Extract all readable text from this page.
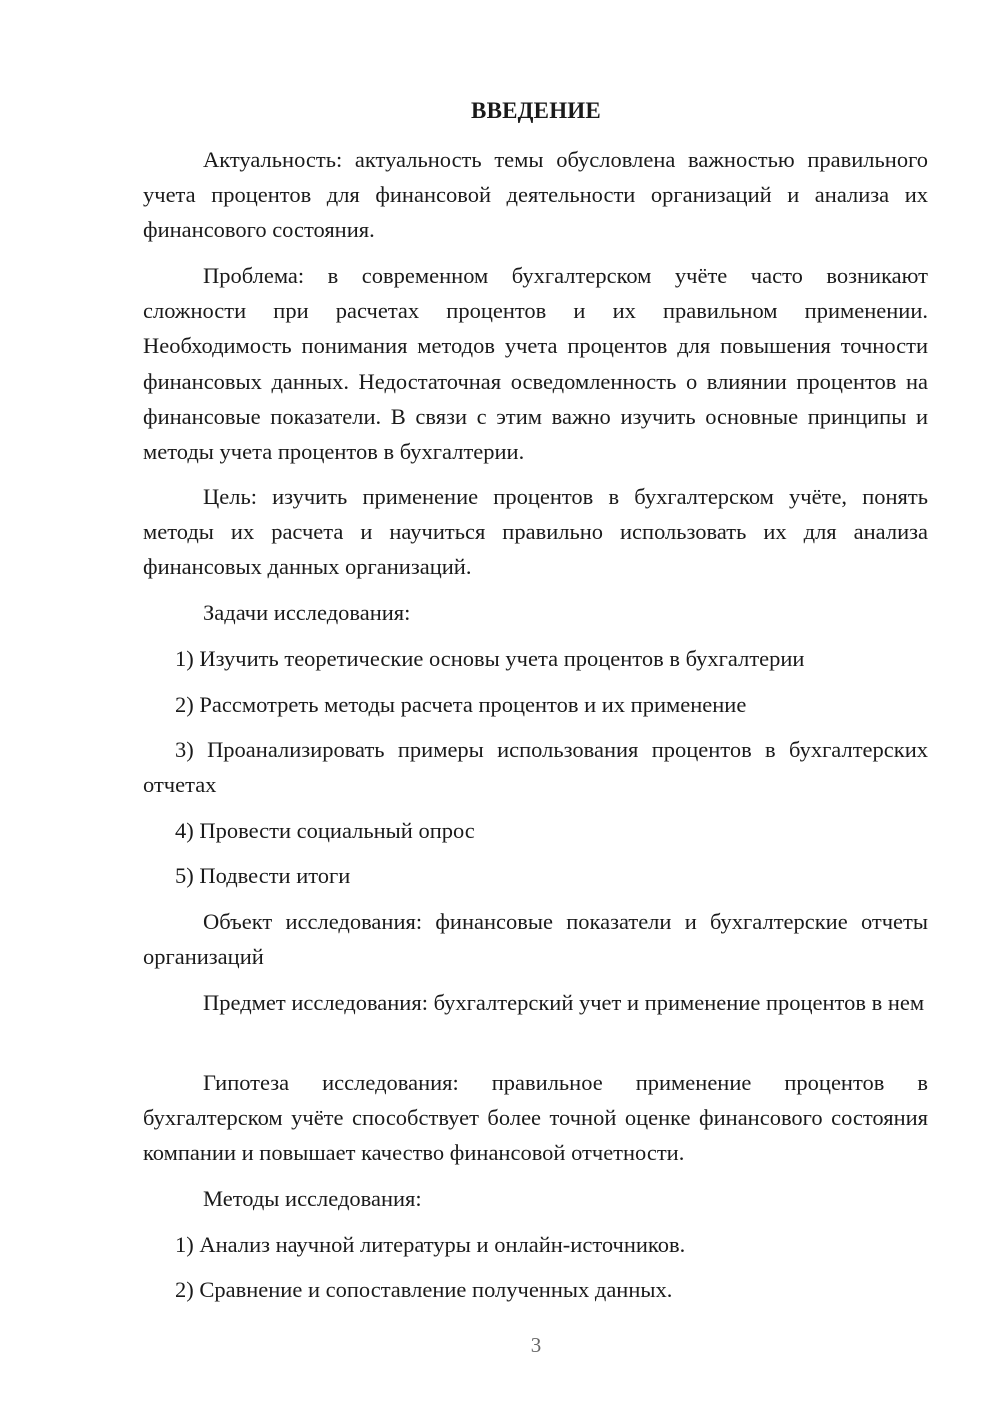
ВВЕДЕНИЕ

Актуальность: актуальность темы обусловлена важностью правильного учета процентов для финансовой деятельности организаций и анализа их финансового состояния.

Проблема: в современном бухгалтерском учёте часто возникают сложности при расчетах процентов и их правильном применении. Необходимость понимания методов учета процентов для повышения точности финансовых данных. Недостаточная осведомленность о влиянии процентов на финансовые показатели. В связи с этим важно изучить основные принципы и методы учета процентов в бухгалтерии.

Цель: изучить применение процентов в бухгалтерском учёте, понять методы их расчета и научиться правильно использовать их для анализа финансовых данных организаций.

Задачи исследования:

1) Изучить теоретические основы учета процентов в бухгалтерии

2) Рассмотреть методы расчета процентов и их применение

3) Проанализировать примеры использования процентов в бухгалтерских отчетах

4) Провести социальный опрос

5) Подвести итоги

Объект исследования: финансовые показатели и бухгалтерские отчеты организаций

Предмет исследования: бухгалтерский учет и применение процентов в нем

Гипотеза исследования: правильное применение процентов в бухгалтерском учёте способствует более точной оценке финансового состояния компании и повышает качество финансовой отчетности.

Методы исследования:

1) Анализ научной литературы и онлайн-источников.

2) Сравнение и сопоставление полученных данных.

3
